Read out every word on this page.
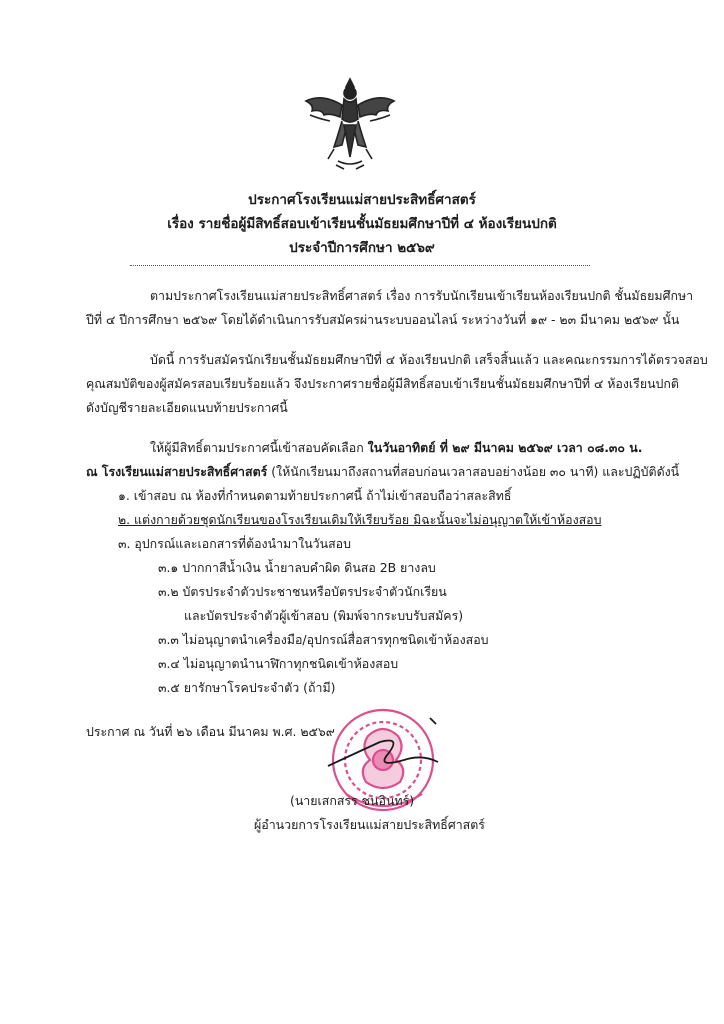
ประกาศโรงเรียนแม่สายประสิทธิ์ศาสตร์
เรื่อง รายชื่อผู้มีสิทธิ์สอบเข้าเรียนชั้นมัธยมศึกษาปีที่ ๔ ห้องเรียนปกติ
ประจำปีการศึกษา ๒๕๖๙
ตามประกาศโรงเรียนแม่สายประสิทธิ์ศาสตร์ เรื่อง การรับนักเรียนเข้าเรียนห้องเรียนปกติ ชั้นมัธยมศึกษา
ปีที่ ๔ ปีการศึกษา ๒๕๖๙ โดยได้ดำเนินการรับสมัครผ่านระบบออนไลน์ ระหว่างวันที่ ๑๙ - ๒๓ มีนาคม ๒๕๖๙ นั้น
บัดนี้ การรับสมัครนักเรียนชั้นมัธยมศึกษาปีที่ ๔ ห้องเรียนปกติ เสร็จสิ้นแล้ว และคณะกรรมการได้ตรวจสอบ
คุณสมบัติของผู้สมัครสอบเรียบร้อยแล้ว จึงประกาศรายชื่อผู้มีสิทธิ์สอบเข้าเรียนชั้นมัธยมศึกษาปีที่ ๔ ห้องเรียนปกติ
ดังบัญชีรายละเอียดแนบท้ายประกาศนี้
ให้ผู้มีสิทธิ์ตามประกาศนี้เข้าสอบคัดเลือก ในวันอาทิตย์ ที่ ๒๙ มีนาคม ๒๕๖๙ เวลา ๐๘.๓๐ น.
ณ โรงเรียนแม่สายประสิทธิ์ศาสตร์ (ให้นักเรียนมาถึงสถานที่สอบก่อนเวลาสอบอย่างน้อย ๓๐ นาที) และปฏิบัติดังนี้
๑. เข้าสอบ ณ ห้องที่กำหนดตามท้ายประกาศนี้ ถ้าไม่เข้าสอบถือว่าสละสิทธิ์
๒. แต่งกายด้วยชุดนักเรียนของโรงเรียนเดิมให้เรียบร้อย มิฉะนั้นจะไม่อนุญาตให้เข้าห้องสอบ
๓. อุปกรณ์และเอกสารที่ต้องนำมาในวันสอบ
๓.๑ ปากกาสีน้ำเงิน น้ำยาลบคำผิด ดินสอ 2B ยางลบ
๓.๒ บัตรประจำตัวประชาชนหรือบัตรประจำตัวนักเรียน
และบัตรประจำตัวผู้เข้าสอบ (พิมพ์จากระบบรับสมัคร)
๓.๓ ไม่อนุญาตนำเครื่องมือ/อุปกรณ์สื่อสารทุกชนิดเข้าห้องสอบ
๓.๔ ไม่อนุญาตนำนาฬิกาทุกชนิดเข้าห้องสอบ
๓.๕ ยารักษาโรคประจำตัว (ถ้ามี)
ประกาศ ณ วันที่ ๒๖ เดือน มีนาคม พ.ศ. ๒๕๖๙
(นายเสกสรร ชนอินทร์)
ผู้อำนวยการโรงเรียนแม่สายประสิทธิ์ศาสตร์
